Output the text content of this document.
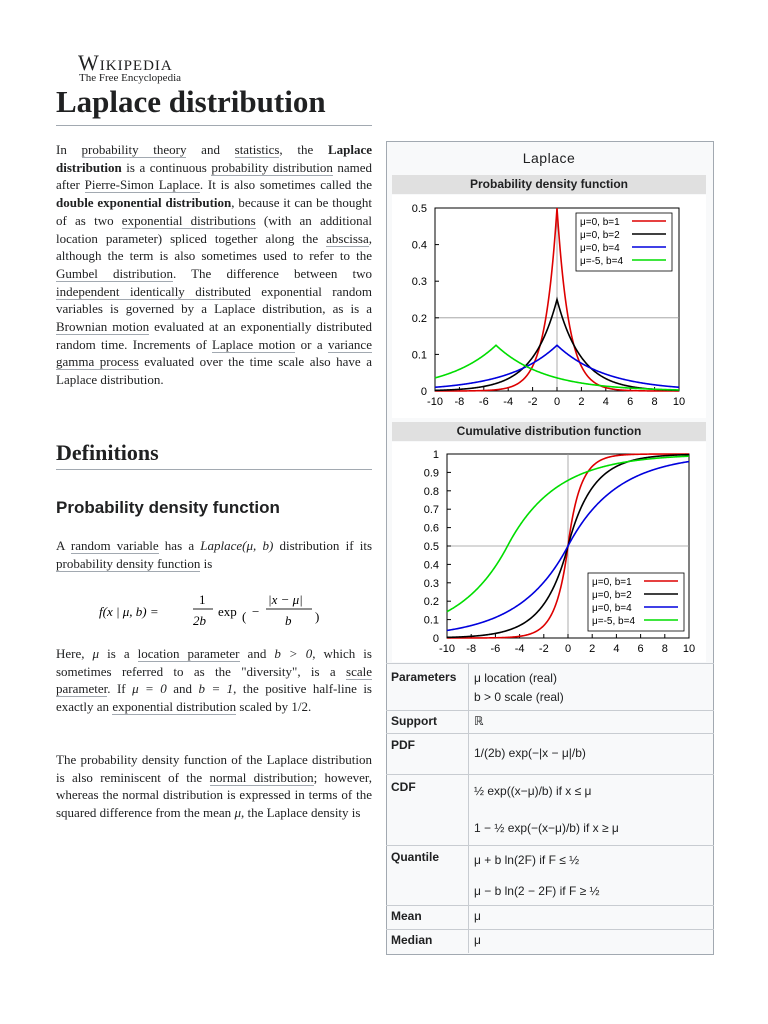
Wikipedia
The Free Encyclopedia
Laplace distribution
In probability theory and statistics, the Laplace distribution is a continuous probability distribution named after Pierre-Simon Laplace. It is also sometimes called the double exponential distribution, because it can be thought of as two exponential distributions (with an additional location parameter) spliced together along the abscissa, although the term is also sometimes used to refer to the Gumbel distribution. The difference between two independent identically distributed exponential random variables is governed by a Laplace distribution, as is a Brownian motion evaluated at an exponentially distributed random time. Increments of Laplace motion or a variance gamma process evaluated over the time scale also have a Laplace distribution.
Definitions
Probability density function
A random variable has a Laplace(μ, b) distribution if its probability density function is
f(x | μ, b) =
1
2b
exp ( −
|x − μ|
b )
Here, μ is a location parameter and b > 0, which is sometimes referred to as the "diversity", is a scale parameter. If μ = 0 and b = 1, the positive half-line is exactly an exponential distribution scaled by 1/2.
The probability density function of the Laplace distribution is also reminiscent of the normal distribution; however, whereas the normal distribution is expressed in terms of the squared difference from the mean μ, the Laplace density is
Laplace
Probability density function
-10 -8 -6 -4 -2 0 2 4 6 8 10
0
0.1
0.2
0.3
0.4
0.5
μ=0, b=1
μ=0, b=2
μ=0, b=4
μ=-5, b=4
Cumulative distribution function
-10 -8 -6 -4 -2 0 2 4 6 8 10
0
0.1
0.2
0.3
0.4
0.5
0.6
0.7
0.8
0.9
1
μ=0, b=1
μ=0, b=2
μ=0, b=4
μ=-5, b=4
Parameters μ location (real)
b > 0 scale (real)
Support	ℝ
PDF
1/(2b) exp(−|x − μ|/b)
CDF	½ exp((x−μ)/b) if x ≤ μ
1 − ½ exp(−(x−μ)/b) if x ≥ μ
Quantile	μ + b ln(2F) if F ≤ ½
μ − b ln(2 − 2F) if F ≥ ½
Mean	μ
Median	μ
